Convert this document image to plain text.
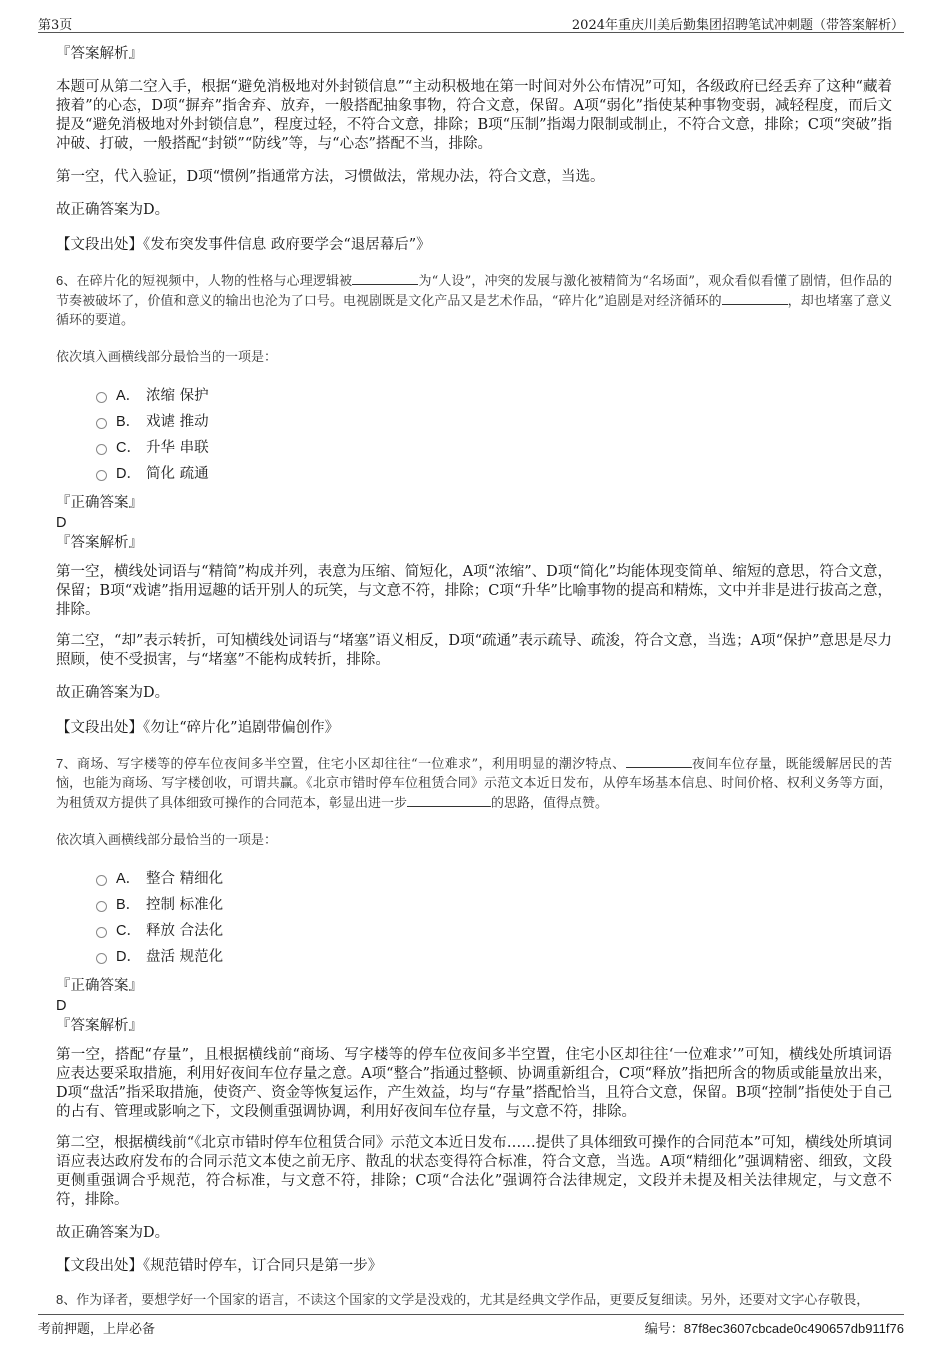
第3页	2024年重庆川美后勤集团招聘笔试冲刺题（带答案解析）
『答案解析』

本题可从第二空入手，根据“避免消极地对外封锁信息”“主动积极地在第一时间对外公布情况”可知，各级政府已经丢弃了这种“藏着掖着”的心态，D项“摒弃”指舍弃、放弃，一般搭配抽象事物，符合文意，保留。A项“弱化”指使某种事物变弱，减轻程度，而后文提及“避免消极地对外封锁信息”，程度过轻，不符合文意，排除；B项“压制”指竭力限制或制止，不符合文意，排除；C项“突破”指冲破、打破，一般搭配“封锁”“防线”等，与“心态”搭配不当，排除。

第一空，代入验证，D项“惯例”指通常方法，习惯做法，常规办法，符合文意，当选。

故正确答案为D。

【文段出处】《发布突发事件信息 政府要学会“退居幕后”》

6、在碎片化的短视频中，人物的性格与心理逻辑被	为“人设”，冲突的发展与激化被精简为“名场面”，观众看似看懂了剧情，但作品的节奏被破坏了，价值和意义的输出也沦为了口号。电视剧既是文化产品又是艺术作品，“碎片化”追剧是对经济循环的	，却也堵塞了意义循环的要道。

依次填入画横线部分最恰当的一项是：

A． 浓缩 保护
B． 戏谑 推动
C． 升华 串联
D． 简化 疏通
『正确答案』
D
『答案解析』

第一空，横线处词语与“精简”构成并列，表意为压缩、简短化，A项“浓缩”、D项“简化”均能体现变简单、缩短的意思，符合文意，保留；B项“戏谑”指用逗趣的话开别人的玩笑，与文意不符，排除；C项“升华”比喻事物的提高和精炼，文中并非是进行拔高之意，排除。

第二空，“却”表示转折，可知横线处词语与“堵塞”语义相反，D项“疏通”表示疏导、疏浚，符合文意，当选；A项“保护”意思是尽力照顾，使不受损害，与“堵塞”不能构成转折，排除。

故正确答案为D。

【文段出处】《勿让“碎片化”追剧带偏创作》

7、商场、写字楼等的停车位夜间多半空置，住宅小区却往往“一位难求”，利用明显的潮汐特点、	夜间车位存量，既能缓解居民的苦恼，也能为商场、写字楼创收，可谓共赢。《北京市错时停车位租赁合同》示范文本近日发布，从停车场基本信息、时间价格、权利义务等方面，为租赁双方提供了具体细致可操作的合同范本，彰显出进一步	的思路，值得点赞。

依次填入画横线部分最恰当的一项是：

A． 整合 精细化
B． 控制 标准化
C． 释放 合法化
D． 盘活 规范化
『正确答案』
D
『答案解析』

第一空，搭配“存量”，且根据横线前“商场、写字楼等的停车位夜间多半空置，住宅小区却往往‘一位难求’”可知，横线处所填词语应表达要采取措施，利用好夜间车位存量之意。A项“整合”指通过整顿、协调重新组合，C项“释放”指把所含的物质或能量放出来，D项“盘活”指采取措施，使资产、资金等恢复运作，产生效益，均与“存量”搭配恰当，且符合文意，保留。B项“控制”指使处于自己的占有、管理或影响之下，文段侧重强调协调，利用好夜间车位存量，与文意不符，排除。

第二空，根据横线前“《北京市错时停车位租赁合同》示范文本近日发布……提供了具体细致可操作的合同范本”可知，横线处所填词语应表达政府发布的合同示范文本使之前无序、散乱的状态变得符合标准，符合文意，当选。A项“精细化”强调精密、细致，文段更侧重强调合乎规范，符合标准，与文意不符，排除；C项“合法化”强调符合法律规定，文段并未提及相关法律规定，与文意不符，排除。

故正确答案为D。

【文段出处】《规范错时停车，订合同只是第一步》

8、作为译者，要想学好一个国家的语言，不读这个国家的文学是没戏的，尤其是经典文学作品，更要反复细读。另外，还要对文字心存敬畏，

考前押题，上岸必备	编号：87f8ec3607cbcade0c490657db911f76
